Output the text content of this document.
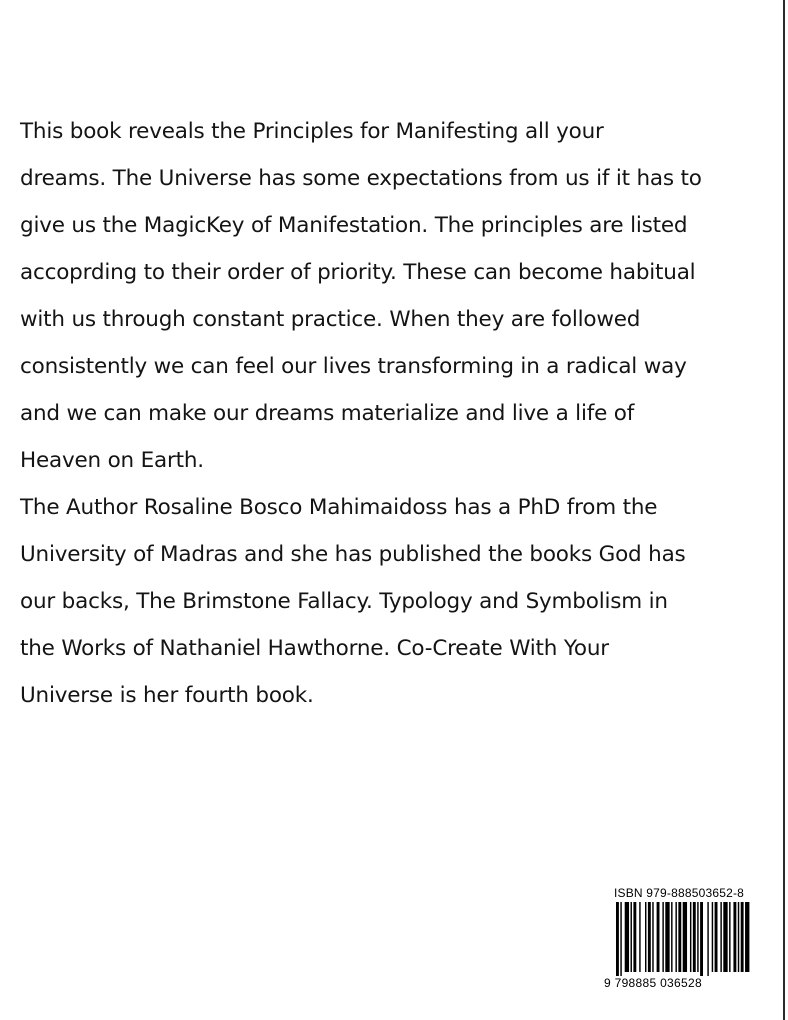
This book reveals the Principles for Manifesting all your
dreams. The Universe has some expectations from us if it has to
give us the MagicKey of Manifestation. The principles are listed
accoprding to their order of priority. These can become habitual
with us through constant practice. When they are followed
consistently we can feel our lives transforming in a radical way
and we can make our dreams materialize and live a life of
Heaven on Earth.
The Author Rosaline Bosco Mahimaidoss has a PhD from the
University of Madras and she has published the books God has
our backs, The Brimstone Fallacy. Typology and Symbolism in
the Works of Nathaniel Hawthorne. Co-Create With Your
Universe is her fourth book.
ISBN 979-888503652-8
9 798885 036528
